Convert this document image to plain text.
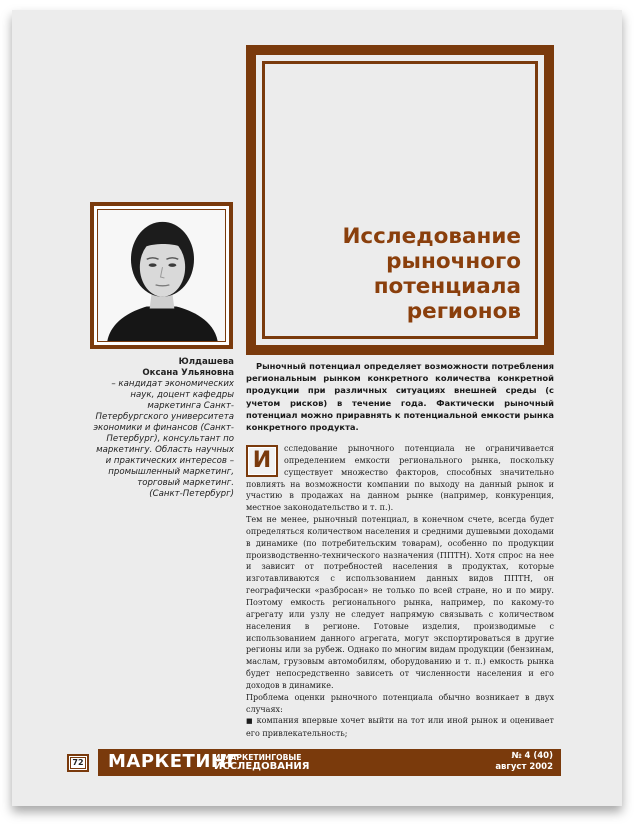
Исследование
рыночного
потенциала
регионов
Юлдашева
Оксана Ульяновна
– кандидат экономических
наук, доцент кафедры
маркетинга Санкт-
Петербургского университета
экономики и финансов (Санкт-
Петербург), консультант по
маркетингу. Область научных
и практических интересов –
промышленный маркетинг,
торговый маркетинг.
(Санкт-Петербург)
Рыночный потенциал определяет возможности потребления региональным рынком конкретного количества конкретной продукции при различных ситуациях внешней среды (с учетом рисков) в течение года. Фактически рыночный потенциал можно приравнять к потенциальной емкости рынка конкретного продукта.
И	сследование рыночного потенциала не ограничивается определением емкости регионального рынка, поскольку существует множество факторов, способных значительно повлиять на возможности компании по выходу на данный рынок и участию в продажах на данном рынке (например, конкуренция, местное законодательство и т. п.).

Тем не менее, рыночный потенциал, в конечном счете, всегда будет определяться количеством населения и средними душевыми доходами в динамике (по потребительским товарам), особенно по продукции производственно-технического назначения (ППТН). Хотя спрос на нее и зависит от потребностей населения в продуктах, которые изготавливаются с использованием данных видов ППТН, он географически «разбросан» не только по всей стране, но и по миру. Поэтому емкость регионального рынка, например, по какому-то агрегату или узлу не следует напрямую связывать с количеством населения в регионе. Готовые изделия, производимые с использованием данного агрегата, могут экспортироваться в другие регионы или за рубеж. Однако по многим видам продукции (бензинам, маслам, грузовым автомобилям, оборудованию и т. п.) емкость рынка будет непосредственно зависеть от численности населения и его доходов в динамике.

Проблема оценки рыночного потенциала обычно возникает в двух случаях:

■ компания впервые хочет выйти на тот или иной рынок и оценивает его привлекательность;

72 МАРКЕТИНГ
И МАРКЕТИНГОВЫЕ
ИССЛЕДОВАНИЯ
№ 4 (40)
август 2002
